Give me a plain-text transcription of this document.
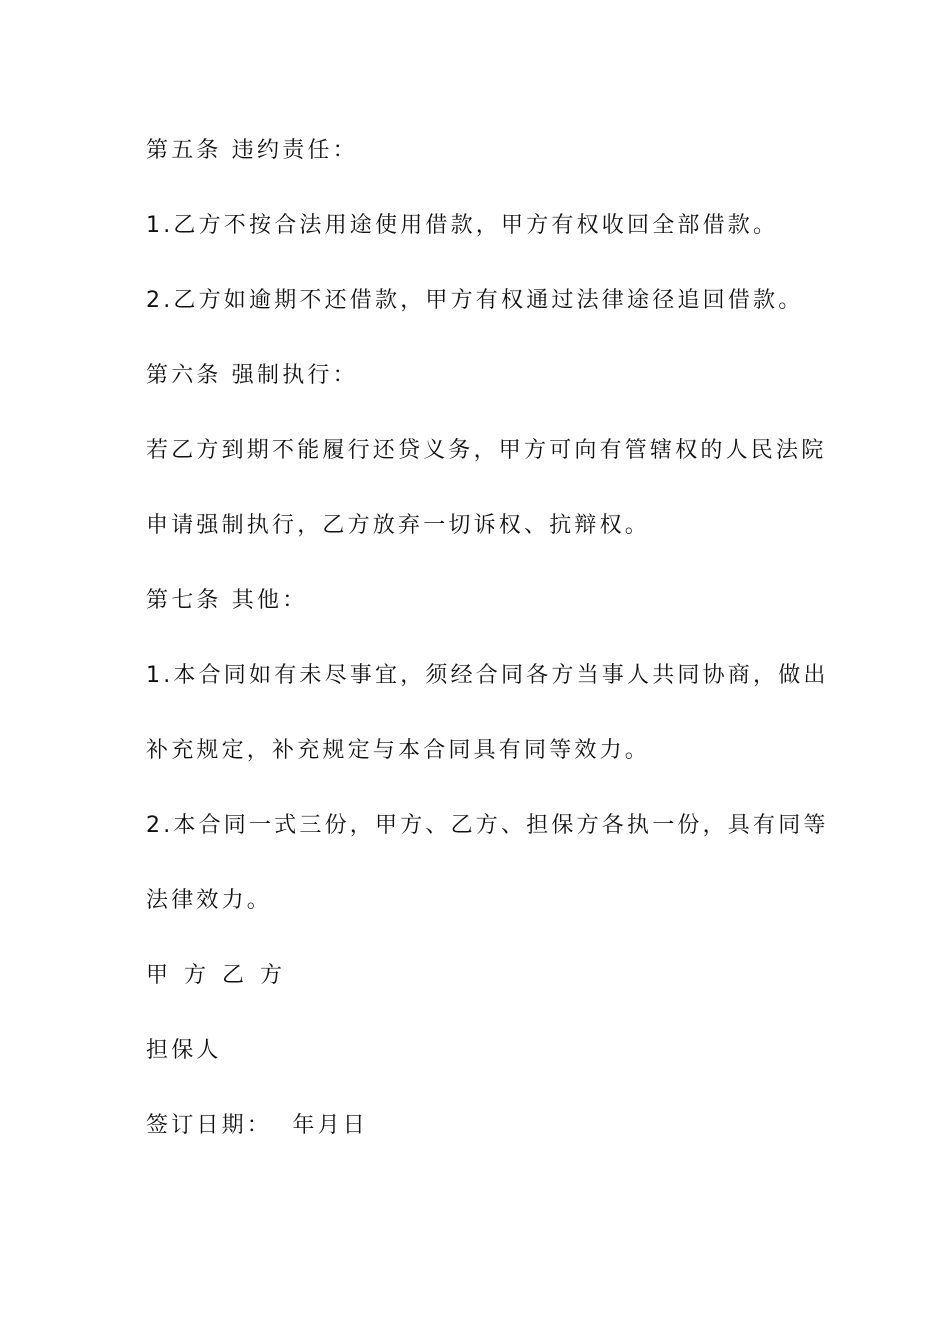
第五条 违约责任：
1.乙方不按合法用途使用借款，甲方有权收回全部借款。
2.乙方如逾期不还借款，甲方有权通过法律途径追回借款。
第六条 强制执行：
若乙方到期不能履行还贷义务，甲方可向有管辖权的人民法院
申请强制执行，乙方放弃一切诉权、抗辩权。
第七条 其他：
1.本合同如有未尽事宜，须经合同各方当事人共同协商，做出
补充规定，补充规定与本合同具有同等效力。
2.本合同一式三份，甲方、乙方、担保方各执一份，具有同等
法律效力。
甲 方 乙 方
担保人
签订日期：  年月日
